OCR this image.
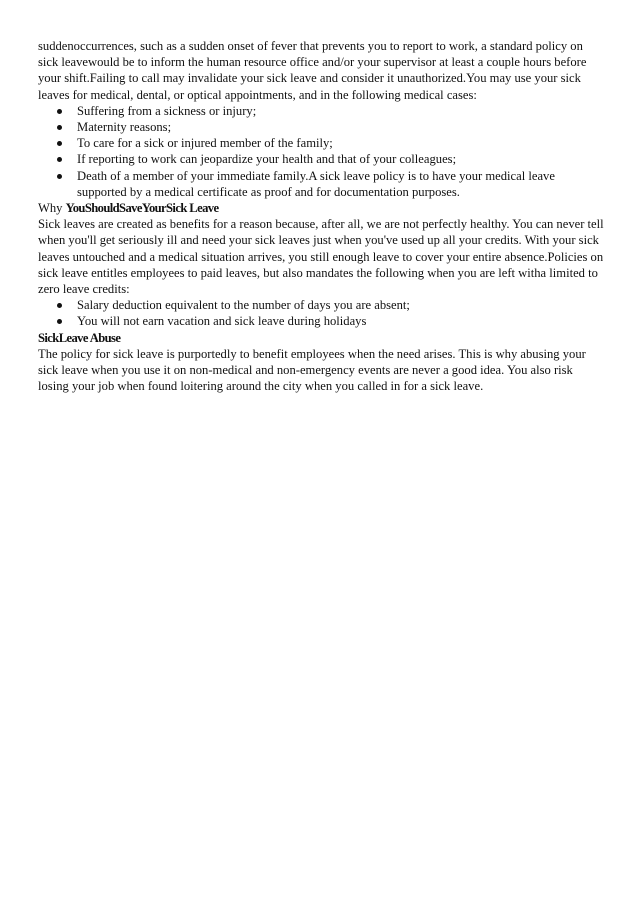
suddenoccurrences, such as a sudden onset of fever that prevents you to report to work, a standard policy on sick leavewould be to inform the human resource office and/or your supervisor at least a couple hours before your shift.Failing to call may invalidate your sick leave and consider it unauthorized.You may use your sick leaves for medical, dental, or optical appointments, and in the following medical cases:

Suffering from a sickness or injury;
Maternity reasons;
To care for a sick or injured member of the family;
If reporting to work can jeopardize your health and that of your colleagues;
Death of a member of your immediate family.A sick leave policy is to have your medical leave supported by a medical certificate as proof and for documentation purposes.

Why YouShouldSaveYourSick Leave

Sick leaves are created as benefits for a reason because, after all, we are not perfectly healthy. You can never tell when you'll get seriously ill and need your sick leaves just when you've used up all your credits. With your sick leaves untouched and a medical situation arrives, you still enough leave to cover your entire absence.Policies on sick leave entitles employees to paid leaves, but also mandates the following when you are left witha limited to zero leave credits:

Salary deduction equivalent to the number of days you are absent;
You will not earn vacation and sick leave during holidays

SickLeave Abuse

The policy for sick leave is purportedly to benefit employees when the need arises. This is why abusing your sick leave when you use it on non-medical and non-emergency events are never a good idea. You also risk losing your job when found loitering around the city when you called in for a sick leave.
